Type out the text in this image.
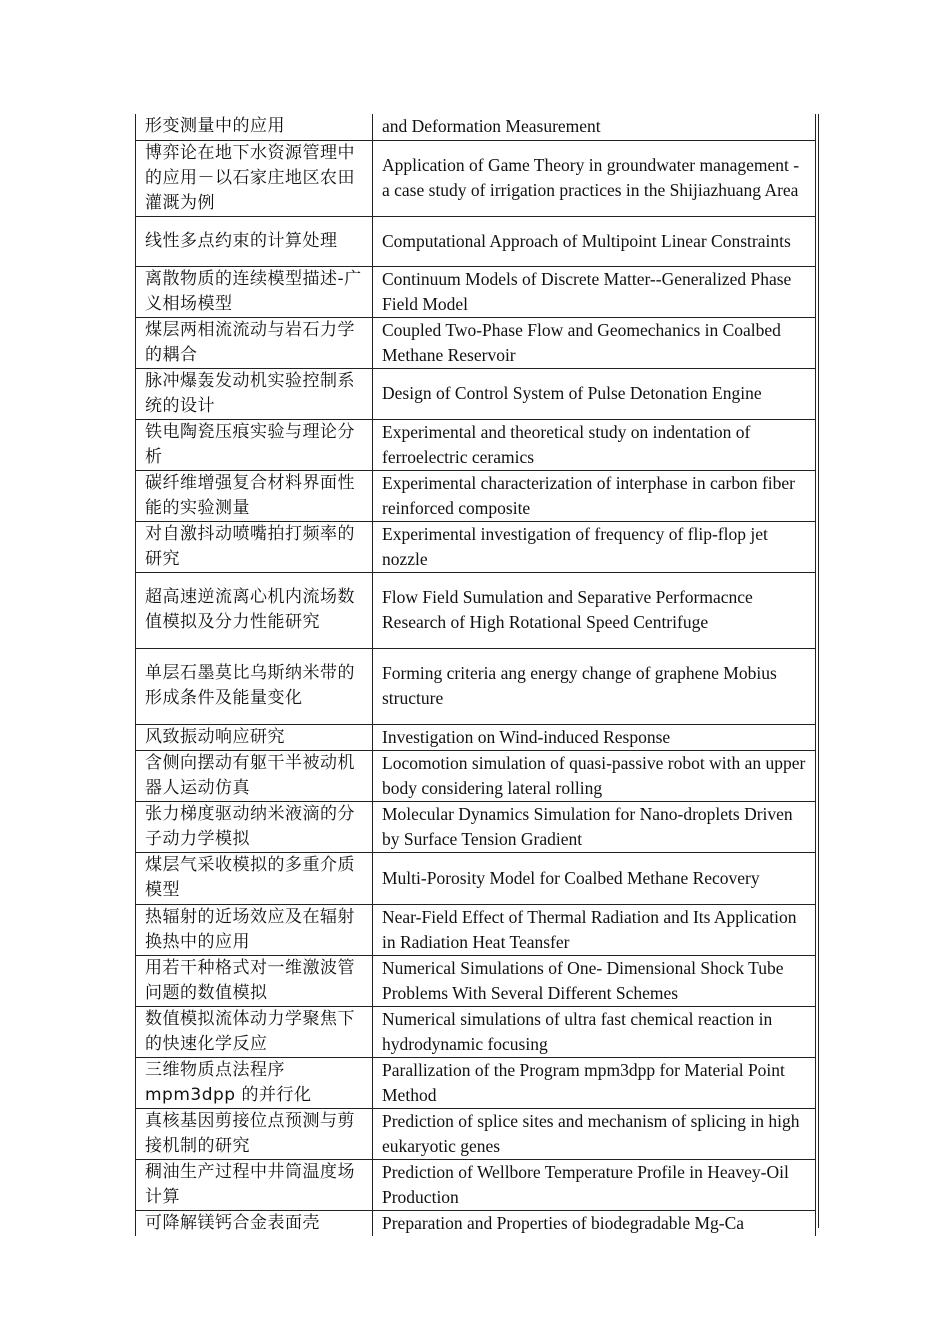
形变测量中的应用	and Deformation Measurement
博弈论在地下水资源管理中的应用－以石家庄地区农田灌溉为例	Application of Game Theory in groundwater management - a case study of irrigation practices in the Shijiazhuang Area
线性多点约束的计算处理	Computational Approach of Multipoint Linear Constraints
离散物质的连续模型描述-广义相场模型	Continuum Models of Discrete Matter--Generalized Phase Field Model
煤层两相流流动与岩石力学的耦合	Coupled Two-Phase Flow and Geomechanics in Coalbed Methane Reservoir
脉冲爆轰发动机实验控制系统的设计	Design of Control System of Pulse Detonation Engine
铁电陶瓷压痕实验与理论分析	Experimental and theoretical study on indentation of ferroelectric ceramics
碳纤维增强复合材料界面性能的实验测量	Experimental characterization of interphase in carbon fiber reinforced composite
对自激抖动喷嘴拍打频率的研究	Experimental investigation of frequency of flip-flop jet nozzle
超高速逆流离心机内流场数值模拟及分力性能研究	Flow Field Sumulation and Separative Performacnce Research of High Rotational Speed Centrifuge
单层石墨莫比乌斯纳米带的形成条件及能量变化	Forming criteria ang energy change of graphene Mobius structure
风致振动响应研究	Investigation on Wind-induced Response
含侧向摆动有躯干半被动机器人运动仿真	Locomotion simulation of quasi-passive robot with an upper body considering lateral rolling
张力梯度驱动纳米液滴的分子动力学模拟	Molecular Dynamics Simulation for Nano-droplets Driven by Surface Tension Gradient
煤层气采收模拟的多重介质模型	Multi-Porosity Model for Coalbed Methane Recovery
热辐射的近场效应及在辐射换热中的应用	Near-Field Effect of Thermal Radiation and Its Application in Radiation Heat Teansfer
用若干种格式对一维激波管问题的数值模拟	Numerical Simulations of One- Dimensional Shock Tube Problems With Several Different Schemes
数值模拟流体动力学聚焦下的快速化学反应	Numerical simulations of ultra fast chemical reaction in hydrodynamic focusing
三维物质点法程序mpm3dpp 的并行化	Parallization of the Program mpm3dpp for Material Point Method
真核基因剪接位点预测与剪接机制的研究	Prediction of splice sites and mechanism of splicing in high eukaryotic genes
稠油生产过程中井筒温度场计算	Prediction of Wellbore Temperature Profile in Heavey-Oil Production
可降解镁钙合金表面壳	Preparation and Properties of biodegradable Mg-Ca
